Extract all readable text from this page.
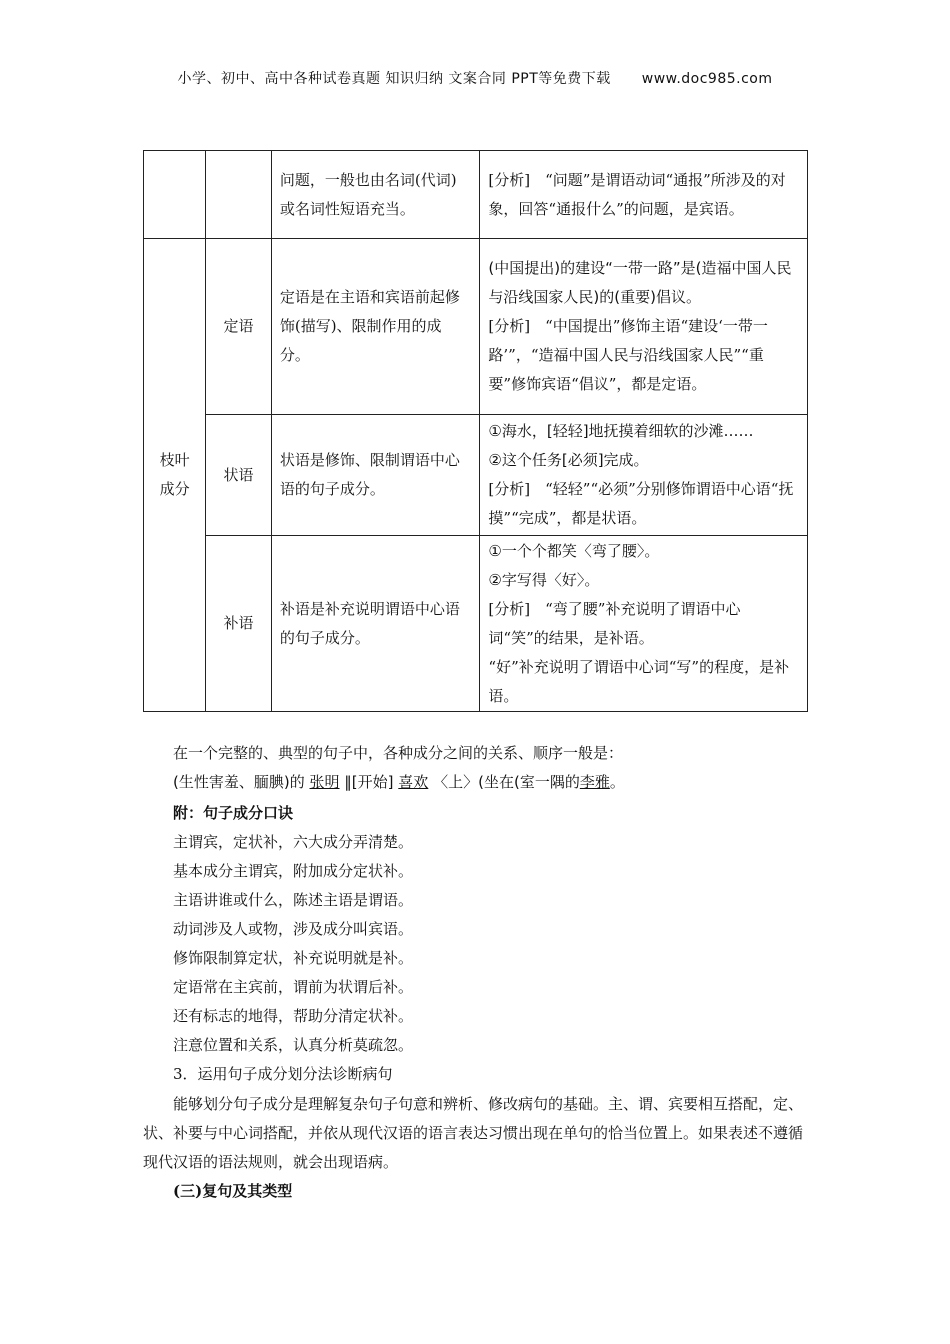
小学、初中、高中各种试卷真题 知识归纳 文案合同 PPT等免费下载 www.doc985.com
		问题，一般也由名词(代词)或名词性短语充当。	[分析]　“问题”是谓语动词“通报”所涉及的对象，回答“通报什么”的问题，是宾语。

枝叶成分	定语	定语是在主语和宾语前起修饰(描写)、限制作用的成分。	(中国提出)的建设“一带一路”是(造福中国人民与沿线国家人民)的(重要)倡议。
[分析]　“中国提出”修饰主语“建设‘一带一路’”，“造福中国人民与沿线国家人民”“重要”修饰宾语“倡议”，都是定语。

	状语	状语是修饰、限制谓语中心语的句子成分。	①海水，[轻轻]地抚摸着细软的沙滩……
②这个任务[必须]完成。
[分析]　“轻轻”“必须”分别修饰谓语中心语“抚摸”“完成”，都是状语。

	补语	补语是补充说明谓语中心语的句子成分。	①一个个都笑〈弯了腰〉。
②字写得〈好〉。
[分析]　“弯了腰”补充说明了谓语中心词“笑”的结果，是补语。
“好”补充说明了谓语中心词“写”的程度，是补语。
在一个完整的、典型的句子中，各种成分之间的关系、顺序一般是：
(生性害羞、腼腆)的 张明 ‖[开始] 喜欢 〈上〉(坐在(室一隅的李雅。
附：句子成分口诀
主谓宾，定状补，六大成分弄清楚。
基本成分主谓宾，附加成分定状补。
主语讲谁或什么，陈述主语是谓语。
动词涉及人或物，涉及成分叫宾语。
修饰限制算定状，补充说明就是补。
定语常在主宾前，谓前为状谓后补。
还有标志的地得，帮助分清定状补。
注意位置和关系，认真分析莫疏忽。
3．运用句子成分划分法诊断病句
能够划分句子成分是理解复杂句子句意和辨析、修改病句的基础。主、谓、宾要相互搭配，定、状、补要与中心词搭配，并依从现代汉语的语言表达习惯出现在单句的恰当位置上。如果表述不遵循现代汉语的语法规则，就会出现语病。
(三)复句及其类型
